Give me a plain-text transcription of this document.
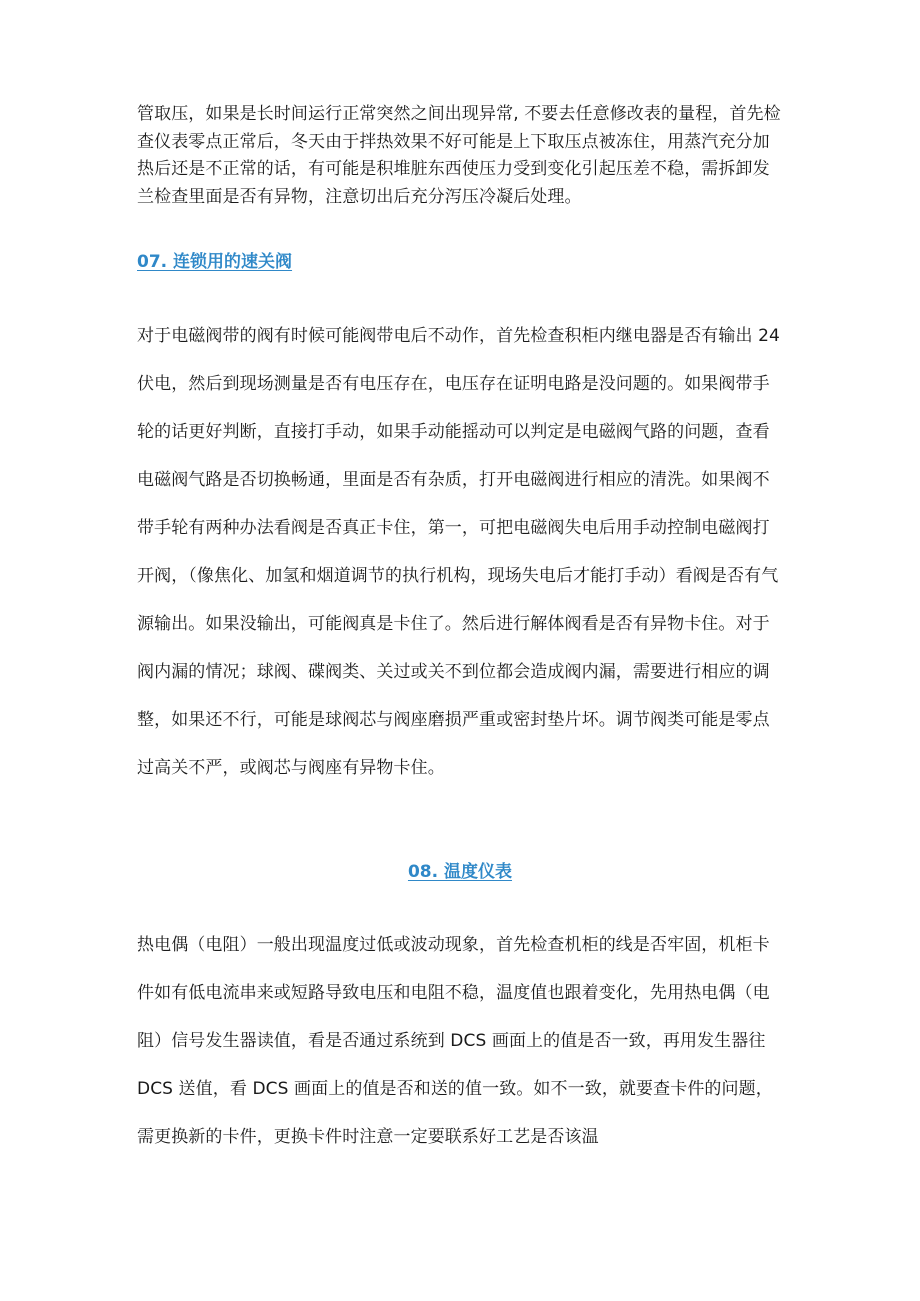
管取压，如果是长时间运行正常突然之间出现异常, 不要去任意修改表的量程，首先检查仪表零点正常后，冬天由于拌热效果不好可能是上下取压点被冻住，用蒸汽充分加热后还是不正常的话，有可能是积堆脏东西使压力受到变化引起压差不稳，需拆卸发兰检查里面是否有异物，注意切出后充分泻压冷凝后处理。

07. 连锁用的速关阀

对于电磁阀带的阀有时候可能阀带电后不动作，首先检查积柜内继电器是否有输出 24 伏电，然后到现场测量是否有电压存在，电压存在证明电路是没问题的。如果阀带手轮的话更好判断，直接打手动，如果手动能摇动可以判定是电磁阀气路的问题，查看电磁阀气路是否切换畅通，里面是否有杂质，打开电磁阀进行相应的清洗。如果阀不带手轮有两种办法看阀是否真正卡住，第一，可把电磁阀失电后用手动控制电磁阀打开阀，（像焦化、加氢和烟道调节的执行机构，现场失电后才能打手动）看阀是否有气源输出。如果没输出，可能阀真是卡住了。然后进行解体阀看是否有异物卡住。对于阀内漏的情况；球阀、碟阀类、关过或关不到位都会造成阀内漏，需要进行相应的调整，如果还不行，可能是球阀芯与阀座磨损严重或密封垫片坏。调节阀类可能是零点过高关不严，或阀芯与阀座有异物卡住。

08. 温度仪表

热电偶（电阻）一般出现温度过低或波动现象，首先检查机柜的线是否牢固，机柜卡件如有低电流串来或短路导致电压和电阻不稳，温度值也跟着变化，先用热电偶（电阻）信号发生器读值，看是否通过系统到 DCS 画面上的值是否一致，再用发生器往 DCS 送值，看 DCS 画面上的值是否和送的值一致。如不一致，就要查卡件的问题，需更换新的卡件，更换卡件时注意一定要联系好工艺是否该温
